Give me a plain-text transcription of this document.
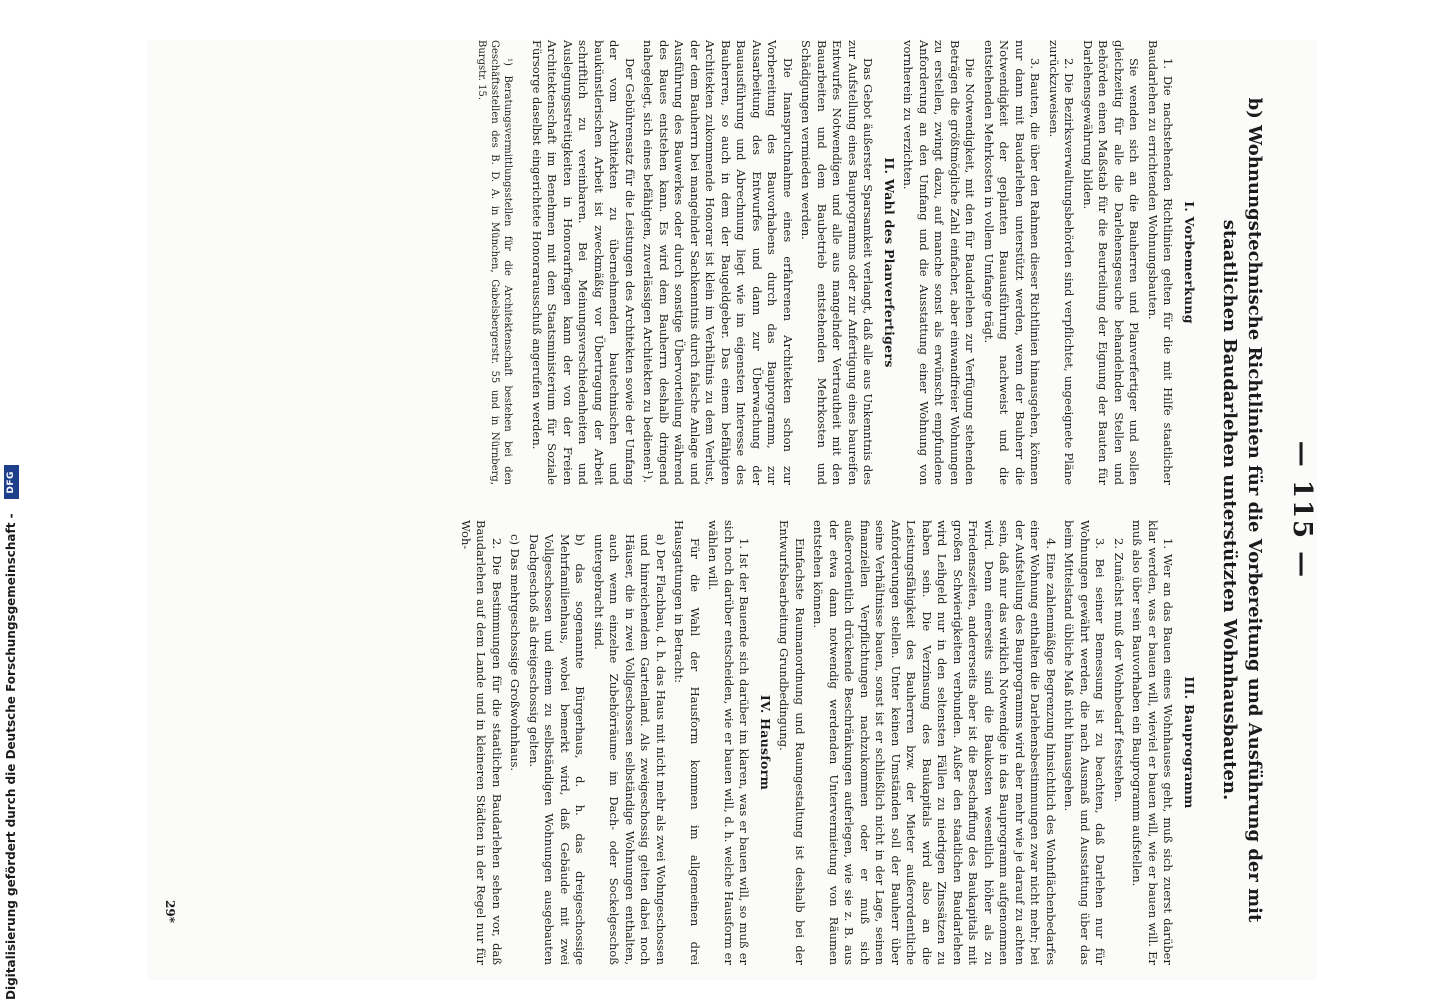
— 115 —
b) Wohnungstechnische Richtlinien für die Vorbereitung und Ausführung der mit staatlichen Baudarlehen unterstützten Wohnhausbauten.
I. Vorbemerkung

1. Die nachstehenden Richtlinien gelten für die mit Hilfe staatlicher Baudarlehen zu errichtenden Wohnungsbauten.

Sie wenden sich an die Bauherren und Planverfertiger und sollen gleichzeitig für alle die Darlehensgesuche behandelnden Stellen und Behörden einen Maßstab für die Beurteilung der Eignung der Bauten für Darlehensgewährung bilden.

2. Die Bezirksverwaltungsbehörden sind verpflichtet, ungeeignete Pläne zurückzuweisen.

3. Bauten, die über den Rahmen dieser Richtlinien hinausgehen, können nur dann mit Baudarlehen unterstützt werden, wenn der Bauherr die Notwendigkeit der geplanten Bauausführung nachweist und die entstehenden Mehrkosten in vollem Umfange trägt.

Die Notwendigkeit, mit den für Baudarlehen zur Verfügung stehenden Beträgen die größtmögliche Zahl einfacher, aber einwandfreier Wohnungen zu erstellen, zwingt dazu, auf manche sonst als erwünscht empfundene Anforderung an den Umfang und die Ausstattung einer Wohnung von vornherein zu verzichten.

II. Wahl des Planverfertigers

Das Gebot äußerster Sparsamkeit verlangt, daß alle aus Unkenntnis des zur Aufstellung eines Bauprogramms oder zur Anfertigung eines baureifen Entwurfes Notwendigen und alle aus mangelnder Vertrautheit mit den Bauarbeiten und dem Baubetrieb entstehenden Mehrkosten und Schädigungen vermieden werden.

Die Inanspruchnahme eines erfahrenen Architekten schon zur Vorbereitung des Bauvorhabens durch das Bauprogramm, zur Ausarbeitung des Entwurfes und dann zur Überwachung der Bauausführung und Abrechnung liegt wie im eigensten Interesse des Bauherren, so auch in dem der Baugeldgeber. Das einem befähigten Architekten zukommende Honorar ist klein im Verhältnis zu dem Verlust, der dem Bauherrn bei mangelnder Sachkenntnis durch falsche Anlage und Ausführung des Bauwerkes oder durch sonstige Übervorteilung während des Baues entstehen kann. Es wird dem Bauherrn deshalb dringend nahegelegt, sich eines befähigten, zuverlässigen Architekten zu bedienen¹).

Der Gebührensatz für die Leistungen des Architekten sowie der Umfang der vom Architekten zu übernehmenden bautechnischen und baukünstlerischen Arbeit ist zweckmäßig vor Übertragung der Arbeit schriftlich zu vereinbaren. Bei Meinungsverschiedenheiten und Auslegungsstreitigkeiten in Honorarfragen kann der von der Freien Architektenschaft im Benehmen mit dem Staatsministerium für Soziale Fürsorge daselbst eingerichtete Honorarausschuß angerufen werden.

¹) Beratungsvermittlungsstellen für die Architektenschaft bestehen bei den Geschäftsstellen des B. D. A. in München, Gabelsbergerstr. 55 und in Nürnberg, Burgstr. 15.

III. Bauprogramm

1. Wer an das Bauen eines Wohnhauses geht, muß sich zuerst darüber klar werden, was er bauen will, wieviel er bauen will, wie er bauen will. Er muß also über sein Bauvorhaben ein Bauprogramm aufstellen.

2. Zunächst muß der Wohnbedarf feststehen.

3. Bei seiner Bemessung ist zu beachten, daß Darlehen nur für Wohnungen gewährt werden, die nach Ausmaß und Ausstattung über das beim Mittelstand übliche Maß nicht hinausgehen.

4. Eine zahlenmäßige Begrenzung hinsichtlich des Wohnflächenbedarfes einer Wohnung enthalten die Darlehensbestimmungen zwar nicht mehr; bei der Aufstellung des Bauprogramms wird aber mehr wie je darauf zu achten sein, daß nur das wirklich Notwendige in das Bauprogramm aufgenommen wird. Denn einerseits sind die Baukosten wesentlich höher als zu Friedenszeiten, andererseits aber ist die Beschaffung des Baukapitals mit großen Schwierigkeiten verbunden. Außer den staatlichen Baudarlehen wird Leihgeld nur in den seltensten Fällen zu niedrigen Zinssätzen zu haben sein. Die Verzinsung des Baukapitals wird also an die Leistungsfähigkeit des Bauherren bzw. der Mieter außerordentliche Anforderungen stellen. Unter keinen Umständen soll der Bauherr über seine Verhältnisse bauen, sonst ist er schließlich nicht in der Lage, seinen finanziellen Verpflichtungen nachzukommen oder er muß sich außerordentlich drückende Beschränkungen auferlegen, wie sie z. B. aus der etwa dann notwendig werdenden Untervermietung von Räumen entstehen können.

Einfachste Raumanordnung und Raumgestaltung ist deshalb bei der Entwurfsbearbeitung Grundbedingung.

IV. Hausform

1. Ist der Bauende sich darüber im klaren, was er bauen will, so muß er sich noch darüber entscheiden, wie er bauen will, d. h. welche Hausform er wählen will.

Für die Wahl der Hausform kommen im allgemeinen drei Hausgattungen in Betracht:

a) Der Flachbau, d. h. das Haus mit nicht mehr als zwei Wohngeschossen und hinreichendem Gartenland. Als zweigeschossig gelten dabei noch Häuser, die in zwei Vollgeschossen selbständige Wohnungen enthalten, auch wenn einzelne Zubehörräume im Dach- oder Sockelgeschoß untergebracht sind.

b) das sogenannte Bürgerhaus, d. h. das dreigeschossige Mehrfamilienhaus, wobei bemerkt wird, daß Gebäude mit zwei Vollgeschossen und einem zu selbständigen Wohnungen ausgebauten Dachgeschoß als dreigeschossig gelten.

c) Das mehrgeschossige Großwohnhaus.

2. Die Bestimmungen für die staatlichen Baudarlehen sehen vor, daß Baudarlehen auf dem Lande und in kleineren Städten in der Regel nur für Woh-

29*
Digitalisierung gefördert durch die Deutsche Forschungsgemeinschaft -
DFG
